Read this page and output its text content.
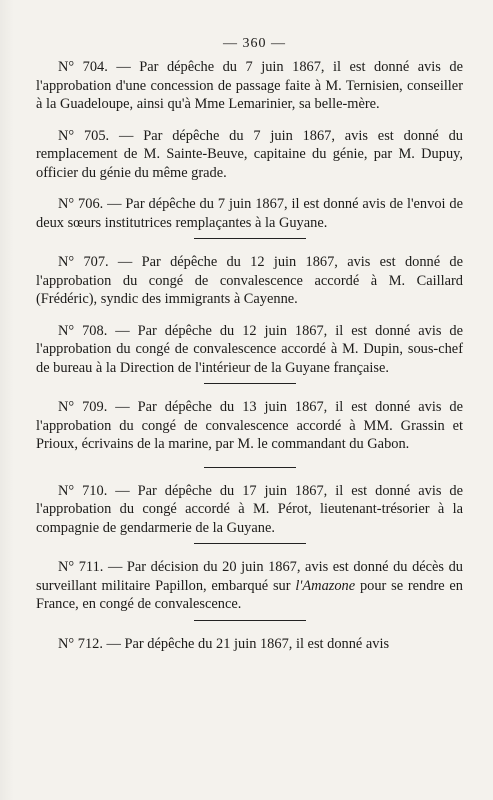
— 360 —

N° 704. — Par dépêche du 7 juin 1867, il est donné avis de l'approbation d'une concession de passage faite à M. Ternisien, conseiller à la Guadeloupe, ainsi qu'à Mme Lemarinier, sa belle-mère.

N° 705. — Par dépêche du 7 juin 1867, avis est donné du remplacement de M. Sainte-Beuve, capitaine du génie, par M. Dupuy, officier du génie du même grade.

N° 706. — Par dépêche du 7 juin 1867, il est donné avis de l'envoi de deux sœurs institutrices remplaçantes à la Guyane.

N° 707. — Par dépêche du 12 juin 1867, avis est donné de l'approbation du congé de convalescence accordé à M. Caillard (Frédéric), syndic des immigrants à Cayenne.

N° 708. — Par dépêche du 12 juin 1867, il est donné avis de l'approbation du congé de convalescence accordé à M. Dupin, sous-chef de bureau à la Direction de l'intérieur de la Guyane française.

N° 709. — Par dépêche du 13 juin 1867, il est donné avis de l'approbation du congé de convalescence accordé à MM. Grassin et Prioux, écrivains de la marine, par M. le commandant du Gabon.

N° 710. — Par dépêche du 17 juin 1867, il est donné avis de l'approbation du congé accordé à M. Pérot, lieutenant-trésorier à la compagnie de gendarmerie de la Guyane.

N° 711. — Par décision du 20 juin 1867, avis est donné du décès du surveillant militaire Papillon, embarqué sur l'Amazone pour se rendre en France, en congé de convalescence.

N° 712. — Par dépêche du 21 juin 1867, il est donné avis
